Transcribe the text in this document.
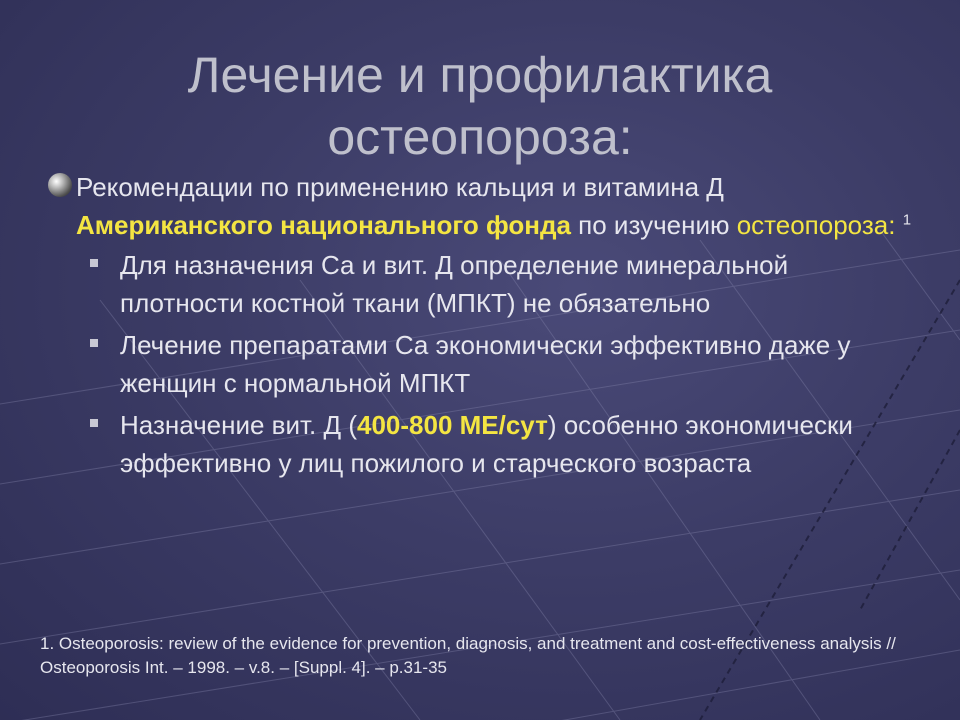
Лечение и профилактика
остеопороза:
Рекомендации по применению кальция и витамина Д Американского национального фонда по изучению остеопороза: $^1$
Для назначения Са и вит. Д определение минеральной плотности костной ткани (МПКТ) не обязательно
Лечение препаратами Са экономически эффективно даже у женщин с нормальной МПКТ
Назначение вит. Д (400-800 МЕ/сут) особенно экономически эффективно у лиц пожилого и старческого возраста
1. Osteoporosis: review of the evidence for prevention, diagnosis, and treatment and cost-effectiveness analysis // Osteoporosis Int. – 1998. – v.8. – [Suppl. 4]. – p.31-35
